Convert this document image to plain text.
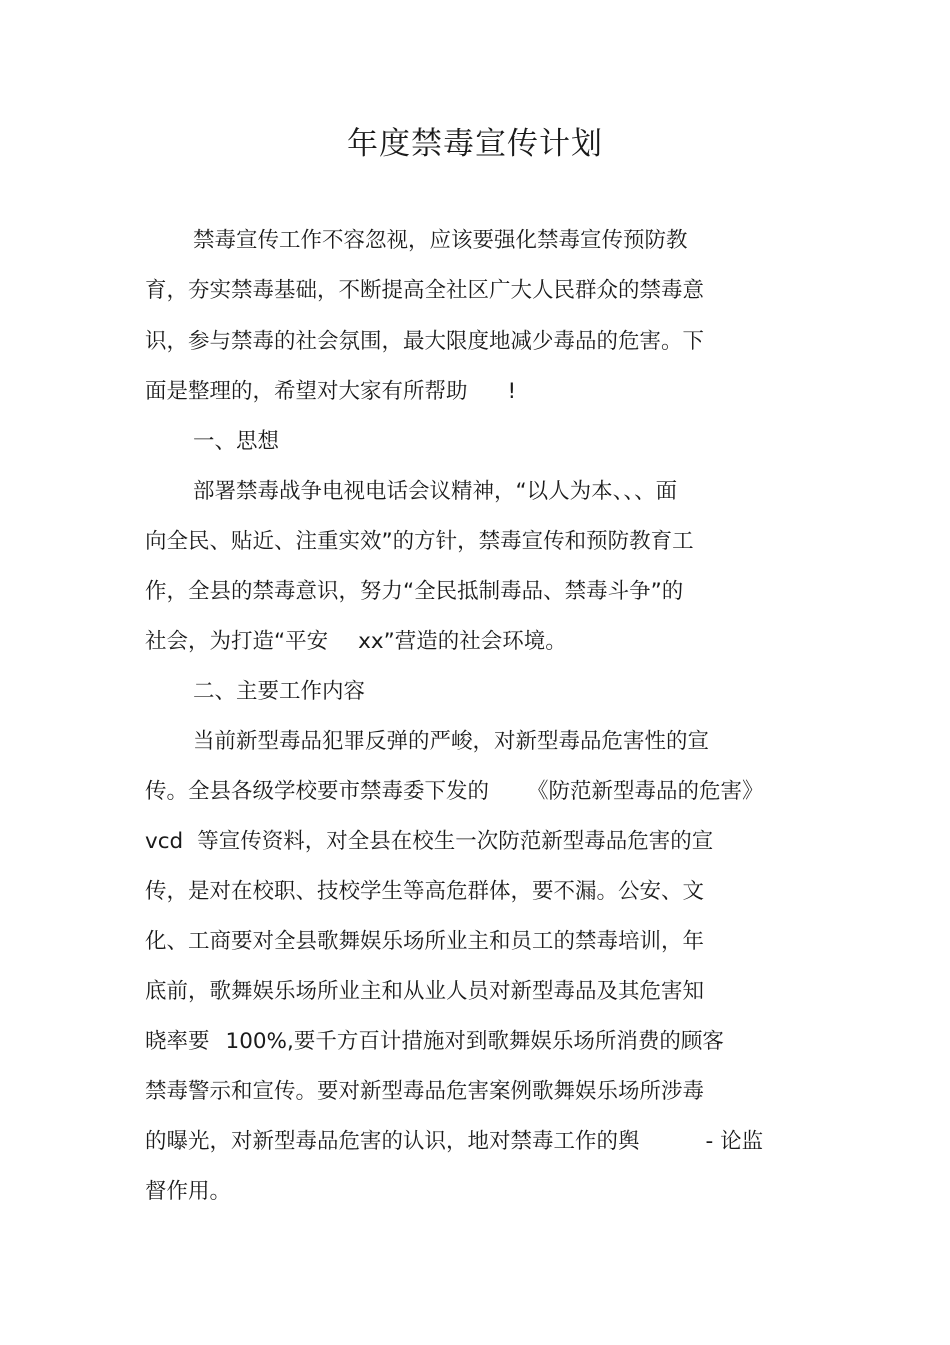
年度禁毒宣传计划

禁毒宣传工作不容忽视，应该要强化禁毒宣传预防教

育，夯实禁毒基础，不断提高全社区广大人民群众的禁毒意

识，参与禁毒的社会氛围，最大限度地减少毒品的危害。下

面是整理的，希望对大家有所帮助 !

一、思想

部署禁毒战争电视电话会议精神，“以人为本、、、面

向全民、贴近、注重实效”的方针，禁毒宣传和预防教育工

作，全县的禁毒意识，努力“全民抵制毒品、禁毒斗争”的

社会，为打造“平安 xx”营造的社会环境。

二、主要工作内容

当前新型毒品犯罪反弹的严峻，对新型毒品危害性的宣

传。全县各级学校要市禁毒委下发的 《防范新型毒品的危害》

vcd 等宣传资料，对全县在校生一次防范新型毒品危害的宣

传，是对在校职、技校学生等高危群体，要不漏。公安、文

化、工商要对全县歌舞娱乐场所业主和员工的禁毒培训，年

底前，歌舞娱乐场所业主和从业人员对新型毒品及其危害知

晓率要 100%,要千方百计措施对到歌舞娱乐场所消费的顾客

禁毒警示和宣传。要对新型毒品危害案例歌舞娱乐场所涉毒

的曝光，对新型毒品危害的认识，地对禁毒工作的舆	- 论监

督作用。
